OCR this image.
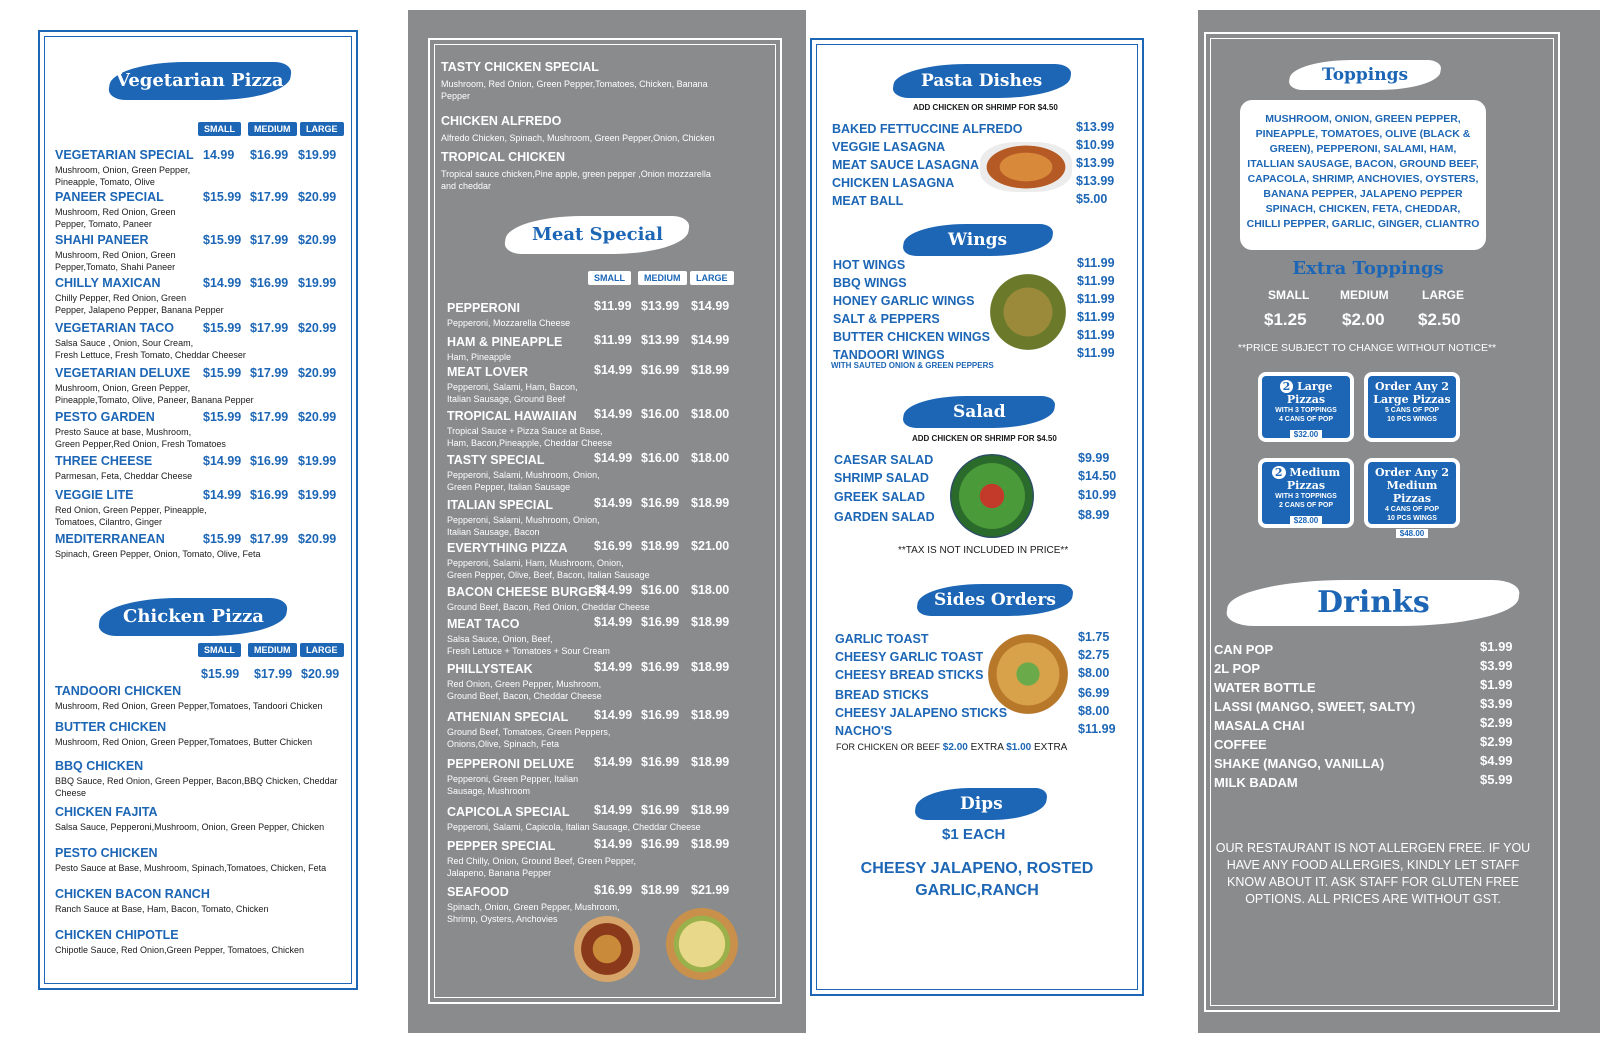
Vegetarian Pizza
SMALL	MEDIUM	LARGE
VEGETARIAN SPECIAL
Mushroom, Onion, Green Pepper,
Pineapple, Tomato, Olive
14.99 $16.99 $19.99
PANEER SPECIAL
Mushroom, Red Onion, Green
Pepper, Tomato, Paneer
$15.99 $17.99 $20.99
SHAHI PANEER
Mushroom, Red Onion, Green
Pepper,Tomato, Shahi Paneer
$15.99 $17.99 $20.99
CHILLY MAXICAN
Chilly Pepper, Red Onion, Green
Pepper, Jalapeno Pepper, Banana Pepper
$14.99 $16.99 $19.99
VEGETARIAN TACO
Salsa Sauce , Onion, Sour Cream,
Fresh Lettuce, Fresh Tomato, Cheddar Cheeser
$15.99 $17.99 $20.99
VEGETARIAN DELUXE
Mushroom, Onion, Green Pepper,
Pineapple,Tomato, Olive, Paneer, Banana Pepper
$15.99 $17.99 $20.99
PESTO GARDEN
Presto Sauce at base, Mushroom,
Green Pepper,Red Onion, Fresh Tomatoes
$15.99 $17.99 $20.99
THREE CHEESE
Parmesan, Feta, Cheddar Cheese
$14.99 $16.99 $19.99
VEGGIE LITE
Red Onion, Green Pepper, Pineapple,
Tomatoes, Cilantro, Ginger
$14.99 $16.99 $19.99
MEDITERRANEAN
Spinach, Green Pepper, Onion, Tomato, Olive, Feta
$15.99 $17.99 $20.99
Chicken Pizza
SMALL	MEDIUM	LARGE
$15.99 $17.99 $20.99
TANDOORI CHICKEN
Mushroom, Red Onion, Green Pepper,Tomatoes, Tandoori Chicken
BUTTER CHICKEN
Mushroom, Red Onion, Green Pepper,Tomatoes, Butter Chicken
BBQ CHICKEN
BBQ Sauce, Red Onion, Green Pepper, Bacon,BBQ Chicken, Cheddar
Cheese
CHICKEN FAJITA
Salsa Sauce, Pepperoni,Mushroom, Onion, Green Pepper, Chicken
PESTO CHICKEN
Pesto Sauce at Base, Mushroom, Spinach,Tomatoes, Chicken, Feta
CHICKEN BACON RANCH
Ranch Sauce at Base, Ham, Bacon, Tomato, Chicken
CHICKEN CHIPOTLE
Chipotle Sauce, Red Onion,Green Pepper, Tomatoes, Chicken
TASTY CHICKEN SPECIAL
Mushroom, Red Onion, Green Pepper,Tomatoes, Chicken, Banana
Pepper
CHICKEN ALFREDO
Alfredo Chicken, Spinach, Mushroom, Green Pepper,Onion, Chicken
TROPICAL CHICKEN
Tropical sauce chicken,Pine apple, green pepper ,Onion mozzarella
and cheddar
Meat Special
SMALL	MEDIUM	LARGE
PEPPERONI
Pepperoni, Mozzarella Cheese
$11.99 $13.99 $14.99
HAM & PINEAPPLE
Ham, Pineapple
$11.99 $13.99 $14.99
MEAT LOVER
Pepperoni, Salami, Ham, Bacon,
Italian Sausage, Ground Beef
$14.99 $16.99 $18.99
TROPICAL HAWAIIAN
Tropical Sauce + Pizza Sauce at Base,
Ham, Bacon,Pineapple, Cheddar Cheese
$14.99 $16.00 $18.00
TASTY SPECIAL
Pepperoni, Salami, Mushroom, Onion,
Green Pepper, Italian Sausage
$14.99 $16.00 $18.00
ITALIAN SPECIAL
Pepperoni, Salami, Mushroom, Onion,
Italian Sausage, Bacon
$14.99 $16.99 $18.99
EVERYTHING PIZZA
Pepperoni, Salami, Ham, Mushroom, Onion,
Green Pepper, Olive, Beef, Bacon, Italian Sausage
$16.99 $18.99 $21.00
BACON CHEESE BURGER
Ground Beef, Bacon, Red Onion, Cheddar Cheese
$14.99 $16.00 $18.00
MEAT TACO
Salsa Sauce, Onion, Beef,
Fresh Lettuce + Tomatoes + Sour Cream
$14.99 $16.99 $18.99
PHILLYSTEAK
Red Onion, Green Pepper, Mushroom,
Ground Beef, Bacon, Cheddar Cheese
$14.99 $16.99 $18.99
ATHENIAN SPECIAL
Ground Beef, Tomatoes, Green Peppers,
Onions,Olive, Spinach, Feta
$14.99 $16.99 $18.99
PEPPERONI DELUXE
Pepperoni, Green Pepper, Italian
Sausage, Mushroom
$14.99 $16.99 $18.99
CAPICOLA SPECIAL
Pepperoni, Salami, Capicola, Italian Sausage, Cheddar Cheese
$14.99 $16.99 $18.99
PEPPER SPECIAL
Red Chilly, Onion, Ground Beef, Green Pepper,
Jalapeno, Banana Pepper
$14.99 $16.99 $18.99
SEAFOOD
Spinach, Onion, Green Pepper, Mushroom,
Shrimp, Oysters, Anchovies
$16.99 $18.99 $21.99
Pasta Dishes
ADD CHICKEN OR SHRIMP FOR $4.50
BAKED FETTUCCINE ALFREDO	$13.99
VEGGIE LASAGNA	$10.99
MEAT SAUCE LASAGNA	$13.99
CHICKEN LASAGNA	$13.99
MEAT BALL	$5.00
Wings
HOT WINGS	$11.99
BBQ WINGS	$11.99
HONEY GARLIC WINGS	$11.99
SALT & PEPPERS	$11.99
BUTTER CHICKEN WINGS	$11.99
TANDOORI WINGS	$11.99
WITH SAUTED ONION & GREEN PEPPERS
Salad
ADD CHICKEN OR SHRIMP FOR $4.50
CAESAR SALAD	$9.99
SHRIMP SALAD	$14.50
GREEK SALAD	$10.99
GARDEN SALAD	$8.99
**TAX IS NOT INCLUDED IN PRICE**
Sides Orders
GARLIC TOAST	$1.75
CHEESY GARLIC TOAST	$2.75
CHEESY BREAD STICKS	$8.00
BREAD STICKS	$6.99
CHEESY JALAPENO STICKS	$8.00
NACHO'S	$11.99
FOR CHICKEN OR BEEF $2.00 EXTRA $1.00 EXTRA
Dips
$1 EACH
CHEESY JALAPENO, ROSTED
GARLIC,RANCH
Toppings
MUSHROOM, ONION, GREEN PEPPER,
PINEAPPLE, TOMATOES, OLIVE (BLACK &
GREEN), PEPPERONI, SALAMI, HAM,
ITALLIAN SAUSAGE, BACON, GROUND BEEF,
CAPACOLA, SHRIMP, ANCHOVIES, OYSTERS,
BANANA PEPPER, JALAPENO PEPPER
SPINACH, CHICKEN, FETA, CHEDDAR,
CHILLI PEPPER, GARLIC, GINGER, CLIANTRO
Extra Toppings
SMALL	MEDIUM	LARGE
$1.25 $2.00 $2.50
**PRICE SUBJECT TO CHANGE WITHOUT NOTICE**
2 Large Pizzas
WITH 3 TOPPINGS
4 CANS OF POP
$32.00
Order Any 2
Large Pizzas
5 CANS OF POP
10 PCS WINGS
2 Medium Pizzas
WITH 3 TOPPINGS
2 CANS OF POP
$28.00
Order Any 2
Medium Pizzas
4 CANS OF POP
10 PCS WINGS
$48.00
Drinks
CAN POP	$1.99
2L POP	$3.99
WATER BOTTLE	$1.99
LASSI (MANGO, SWEET, SALTY)	$3.99
MASALA CHAI	$2.99
COFFEE	$2.99
SHAKE (MANGO, VANILLA)	$4.99
MILK BADAM	$5.99
OUR RESTAURANT IS NOT ALLERGEN FREE. IF YOU HAVE ANY FOOD ALLERGIES, KINDLY LET STAFF KNOW ABOUT IT. ASK STAFF FOR GLUTEN FREE OPTIONS. ALL PRICES ARE WITHOUT GST.
